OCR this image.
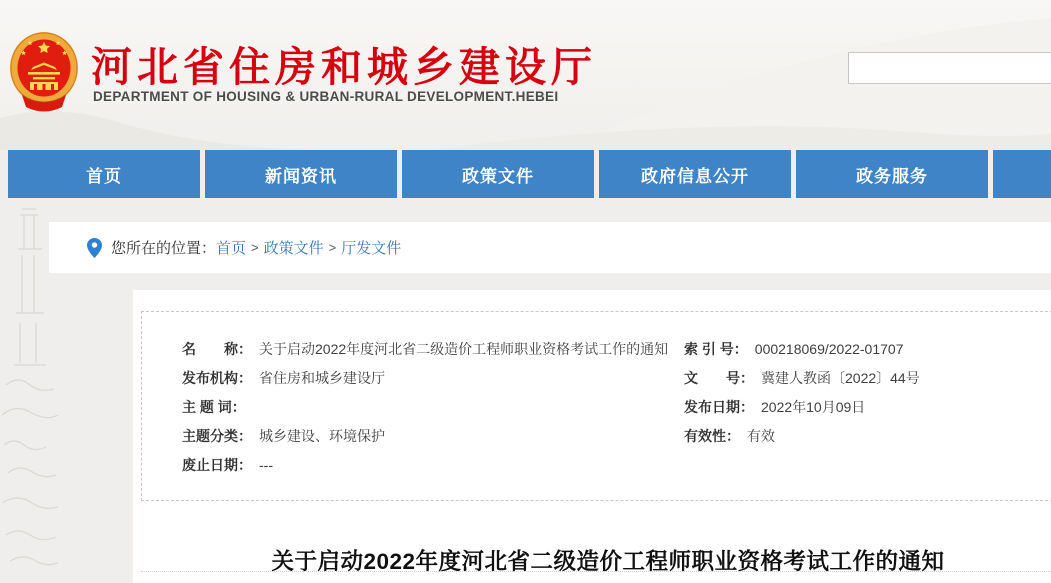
河北省住房和城乡建设厅
DEPARTMENT OF HOUSING & URBAN-RURAL DEVELOPMENT.HEBEI
首页	新闻资讯	政策文件	政府信息公开	政务服务
您所在的位置： 首页 > 政策文件 > 厅发文件
名　　称： 关于启动2022年度河北省二级造价工程师职业资格考试工作的通知
发布机构： 省住房和城乡建设厅
主 题 词：
主题分类： 城乡建设、环境保护
废止日期： ---
索 引 号： 000218069/2022-01707
文　　号： 冀建人教函〔2022〕44号
发布日期： 2022年10月09日
有效性： 有效
关于启动2022年度河北省二级造价工程师职业资格考试工作的通知
